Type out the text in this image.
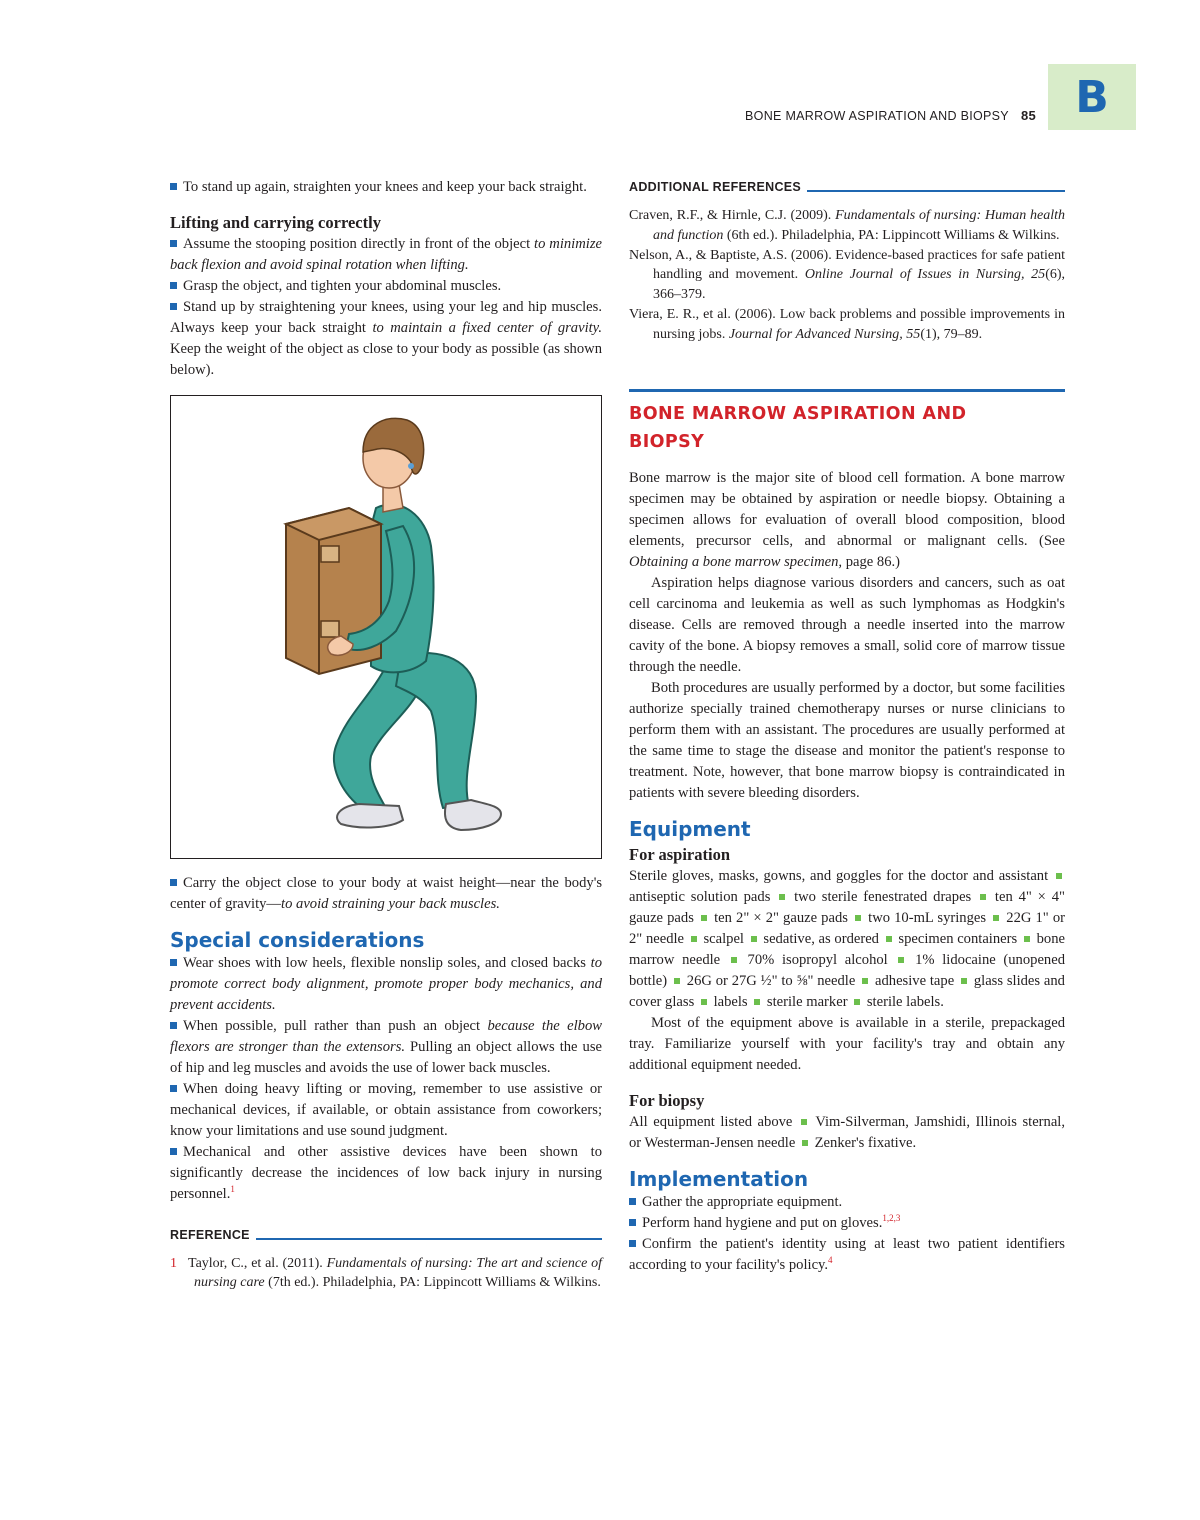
B
BONE MARROW ASPIRATION AND BIOPSY 85

To stand up again, straighten your knees and keep your back straight.

Lifting and carrying correctly

Assume the stooping position directly in front of the object to minimize back flexion and avoid spinal rotation when lifting.

Grasp the object, and tighten your abdominal muscles.

Stand up by straightening your knees, using your leg and hip muscles. Always keep your back straight to maintain a fixed center of gravity. Keep the weight of the object as close to your body as possible (as shown below).

Carry the object close to your body at waist height—near the body's center of gravity—to avoid straining your back muscles.

Special considerations

Wear shoes with low heels, flexible nonslip soles, and closed backs to promote correct body alignment, promote proper body mechanics, and prevent accidents.

When possible, pull rather than push an object because the elbow flexors are stronger than the extensors. Pulling an object allows the use of hip and leg muscles and avoids the use of lower back muscles.

When doing heavy lifting or moving, remember to use assistive or mechanical devices, if available, or obtain assistance from coworkers; know your limitations and use sound judgment.

Mechanical and other assistive devices have been shown to significantly decrease the incidences of low back injury in nursing personnel.$^1$

REFERENCE

1 Taylor, C., et al. (2011). Fundamentals of nursing: The art and science of nursing care (7th ed.). Philadelphia, PA: Lippincott Williams & Wilkins.

ADDITIONAL REFERENCES

Craven, R.F., & Hirnle, C.J. (2009). Fundamentals of nursing: Human health and function (6th ed.). Philadelphia, PA: Lippincott Williams & Wilkins.

Nelson, A., & Baptiste, A.S. (2006). Evidence-based practices for safe patient handling and movement. Online Journal of Issues in Nursing, 25(6), 366–379.

Viera, E. R., et al. (2006). Low back problems and possible improvements in nursing jobs. Journal for Advanced Nursing, 55(1), 79–89.

BONE MARROW ASPIRATION AND
BIOPSY

Bone marrow is the major site of blood cell formation. A bone marrow specimen may be obtained by aspiration or needle biopsy. Obtaining a specimen allows for evaluation of overall blood composition, blood elements, precursor cells, and abnormal or malignant cells. (See Obtaining a bone marrow specimen, page 86.)

Aspiration helps diagnose various disorders and cancers, such as oat cell carcinoma and leukemia as well as such lymphomas as Hodgkin's disease. Cells are removed through a needle inserted into the marrow cavity of the bone. A biopsy removes a small, solid core of marrow tissue through the needle.

Both procedures are usually performed by a doctor, but some facilities authorize specially trained chemotherapy nurses or nurse clinicians to perform them with an assistant. The procedures are usually performed at the same time to stage the disease and monitor the patient's response to treatment. Note, however, that bone marrow biopsy is contraindicated in patients with severe bleeding disorders.

Equipment
For aspiration

Sterile gloves, masks, gowns, and goggles for the doctor and assistant  antiseptic solution pads two sterile fenestrated drapes ten 4" × 4" gauze pads ten 2" × 2" gauze pads two 10-mL syringes 22G 1" or 2" needle scalpel sedative, as ordered specimen containers bone marrow needle 70% isopropyl alcohol 1% lidocaine (unopened bottle) 26G or 27G ½" to ⅝" needle adhesive tape glass slides and cover glass labels sterile marker sterile labels.

Most of the equipment above is available in a sterile, prepackaged tray. Familiarize yourself with your facility's tray and obtain any additional equipment needed.

For biopsy

All equipment listed above Vim-Silverman, Jamshidi, Illinois sternal, or Westerman-Jensen needle Zenker's fixative.

Implementation

Gather the appropriate equipment.

Perform hand hygiene and put on gloves.$^{1,2,3}$

Confirm the patient's identity using at least two patient identifiers according to your facility's policy.$^4$
